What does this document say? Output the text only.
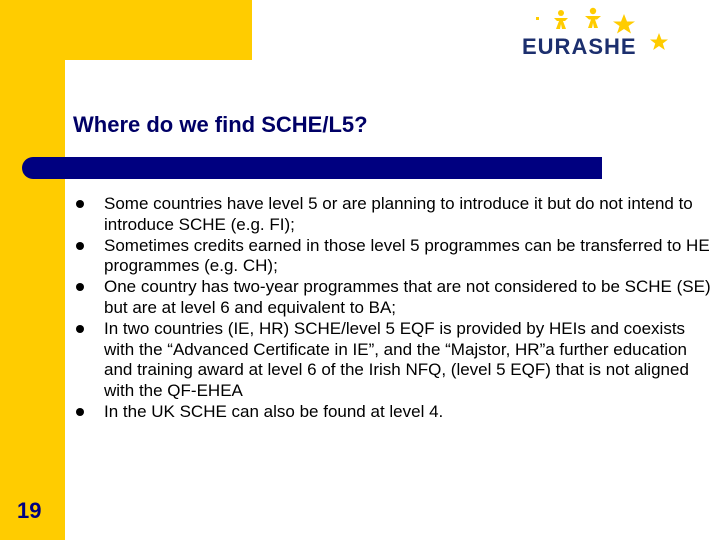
EURASHE
Where do we find SCHE/L5?
Some countries have level 5 or are planning to introduce it but do not intend to introduce SCHE (e.g. FI);
Sometimes credits earned in those level 5 programmes can be transferred to HE programmes (e.g. CH);
One country has two-year programmes that are not considered to be SCHE (SE) but are at level 6 and equivalent to BA;
In two countries (IE, HR) SCHE/level 5 EQF is provided by HEIs and coexists with the “Advanced Certificate in IE”, and the “Majstor, HR”a further education and training award at level 6 of the Irish NFQ, (level 5 EQF) that is not aligned with the QF-EHEA
In the UK SCHE can also be found at level 4.
19
